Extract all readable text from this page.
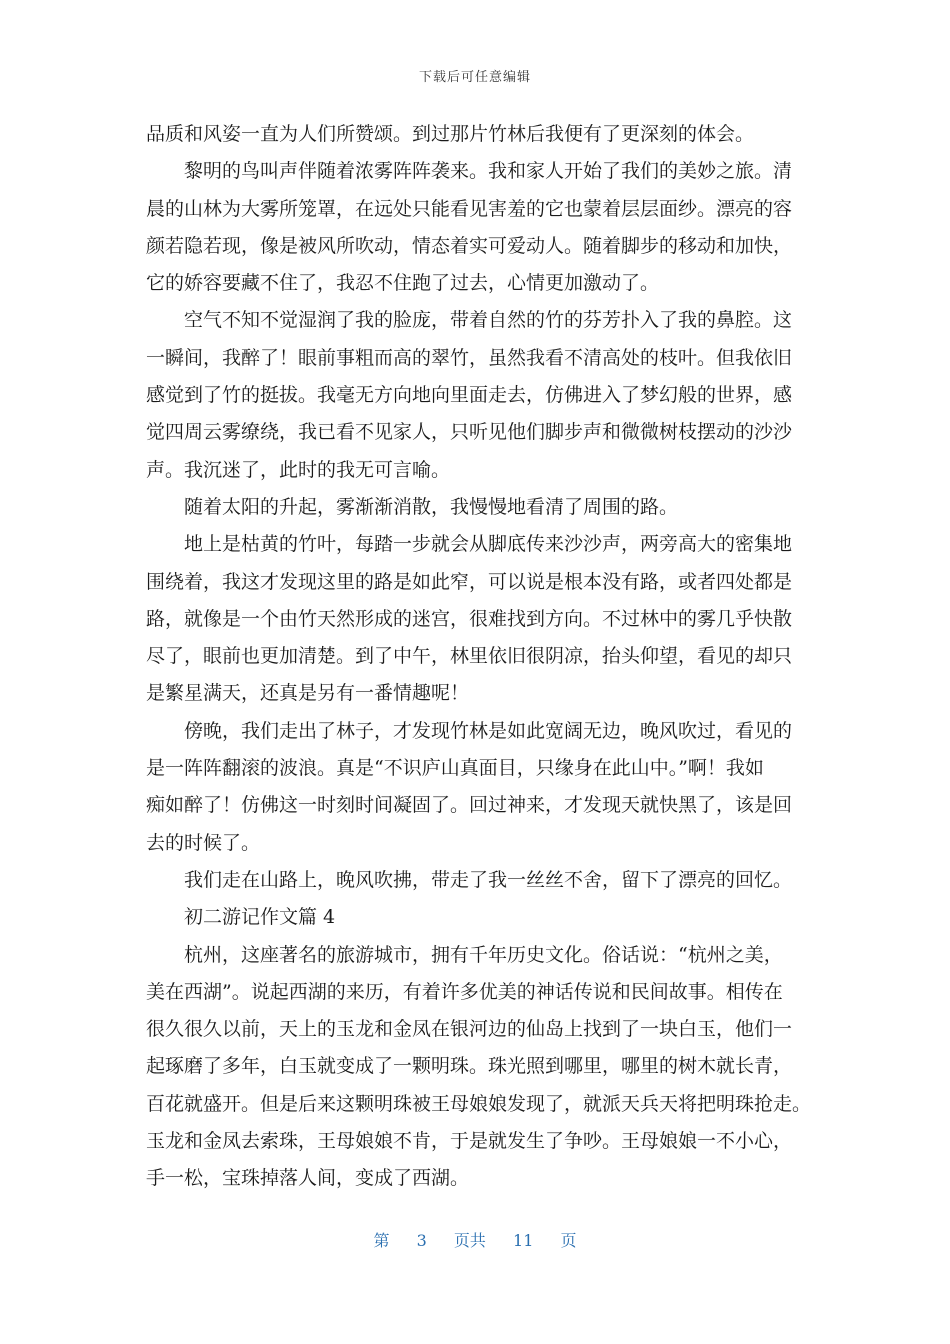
下载后可任意编辑
品质和风姿一直为人们所赞颂。到过那片竹林后我便有了更深刻的体会。
黎明的鸟叫声伴随着浓雾阵阵袭来。我和家人开始了我们的美妙之旅。清
晨的山林为大雾所笼罩，在远处只能看见害羞的它也蒙着层层面纱。漂亮的容
颜若隐若现，像是被风所吹动，情态着实可爱动人。随着脚步的移动和加快，
它的娇容要藏不住了，我忍不住跑了过去，心情更加激动了。
空气不知不觉湿润了我的脸庞，带着自然的竹的芬芳扑入了我的鼻腔。这
一瞬间，我醉了！眼前事粗而高的翠竹，虽然我看不清高处的枝叶。但我依旧
感觉到了竹的挺拔。我毫无方向地向里面走去，仿佛进入了梦幻般的世界，感
觉四周云雾缭绕，我已看不见家人，只听见他们脚步声和微微树枝摆动的沙沙
声。我沉迷了，此时的我无可言喻。
随着太阳的升起，雾渐渐消散，我慢慢地看清了周围的路。
地上是枯黄的竹叶，每踏一步就会从脚底传来沙沙声，两旁高大的密集地
围绕着，我这才发现这里的路是如此窄，可以说是根本没有路，或者四处都是
路，就像是一个由竹天然形成的迷宫，很难找到方向。不过林中的雾几乎快散
尽了，眼前也更加清楚。到了中午，林里依旧很阴凉，抬头仰望，看见的却只
是繁星满天，还真是另有一番情趣呢！
傍晚，我们走出了林子，才发现竹林是如此宽阔无边，晚风吹过，看见的
是一阵阵翻滚的波浪。真是“不识庐山真面目，只缘身在此山中。”啊！我如
痴如醉了！仿佛这一时刻时间凝固了。回过神来，才发现天就快黑了，该是回
去的时候了。
我们走在山路上，晚风吹拂，带走了我一丝丝不舍，留下了漂亮的回忆。
初二游记作文篇 4
杭州，这座著名的旅游城市，拥有千年历史文化。俗话说：“杭州之美，
美在西湖”。说起西湖的来历，有着许多优美的神话传说和民间故事。相传在
很久很久以前，天上的玉龙和金凤在银河边的仙岛上找到了一块白玉，他们一
起琢磨了多年，白玉就变成了一颗明珠。珠光照到哪里，哪里的树木就长青，
百花就盛开。但是后来这颗明珠被王母娘娘发现了，就派天兵天将把明珠抢走。
玉龙和金凤去索珠，王母娘娘不肯，于是就发生了争吵。王母娘娘一不小心，
手一松，宝珠掉落人间，变成了西湖。
第 3 页共 11 页
